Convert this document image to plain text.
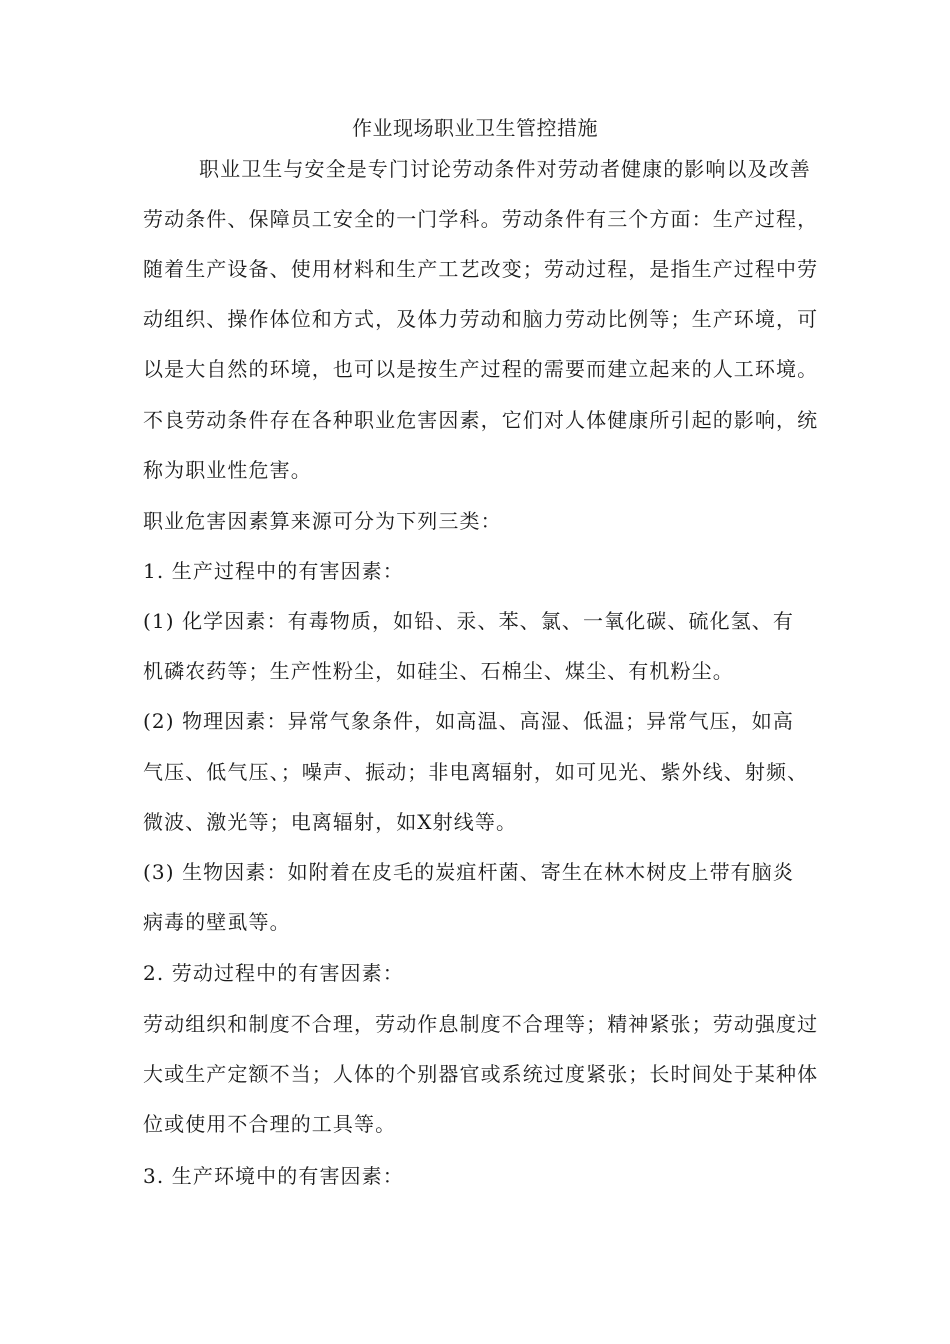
作业现场职业卫生管控措施
职业卫生与安全是专门讨论劳动条件对劳动者健康的影响以及改善
劳动条件、保障员工安全的一门学科。劳动条件有三个方面：生产过程，
随着生产设备、使用材料和生产工艺改变；劳动过程，是指生产过程中劳
动组织、操作体位和方式，及体力劳动和脑力劳动比例等；生产环境，可
以是大自然的环境，也可以是按生产过程的需要而建立起来的人工环境。
不良劳动条件存在各种职业危害因素，它们对人体健康所引起的影响，统
称为职业性危害。
职业危害因素算来源可分为下列三类：
1. 生产过程中的有害因素：
(1) 化学因素：有毒物质，如铅、汞、苯、氯、一氧化碳、硫化氢、有
机磷农药等；生产性粉尘，如硅尘、石棉尘、煤尘、有机粉尘。
(2) 物理因素：异常气象条件，如高温、高湿、低温；异常气压，如高
气压、低气压、；噪声、振动；非电离辐射，如可见光、紫外线、射频、
微波、激光等；电离辐射，如X射线等。
(3) 生物因素：如附着在皮毛的炭疽杆菌、寄生在林木树皮上带有脑炎
病毒的壁虱等。
2. 劳动过程中的有害因素：
劳动组织和制度不合理，劳动作息制度不合理等；精神紧张；劳动强度过
大或生产定额不当；人体的个别器官或系统过度紧张；长时间处于某种体
位或使用不合理的工具等。
3. 生产环境中的有害因素：
